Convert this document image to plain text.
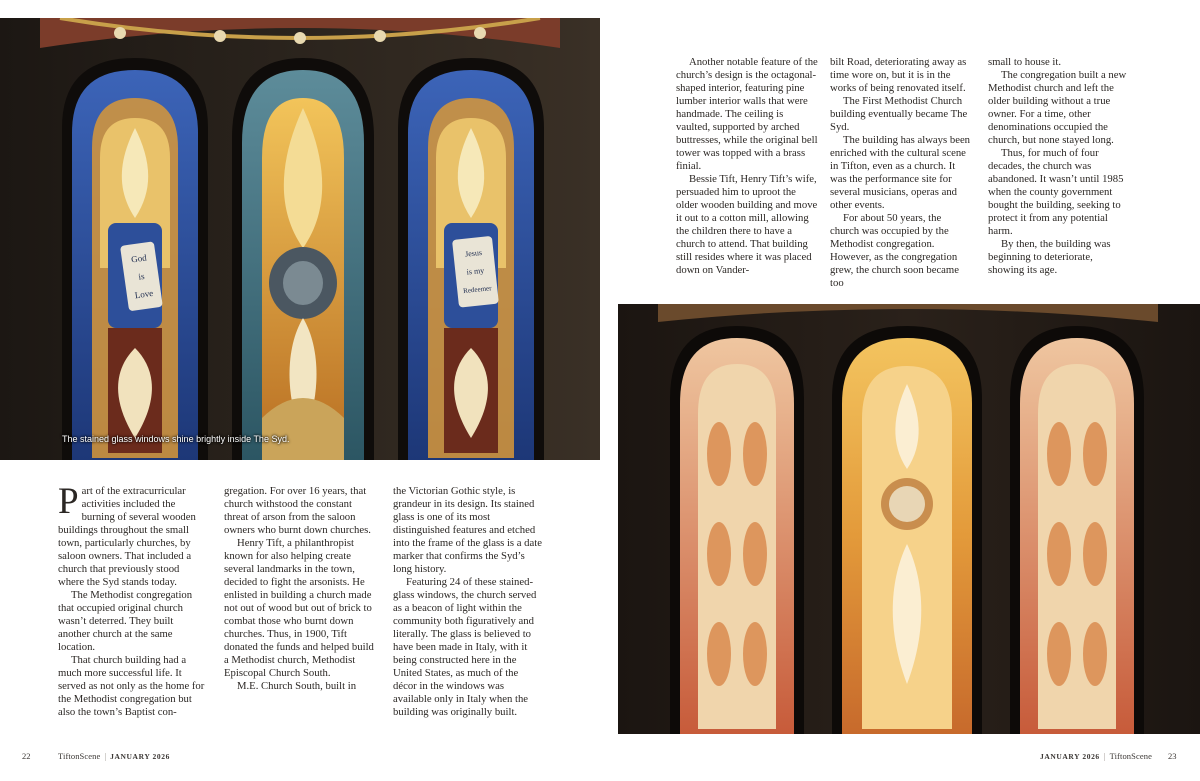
God
is
Love
Jesus
is my
Redeemer
The stained glass windows shine brightly inside The Syd.

Another notable feature of the church’s design is the octagonal-shaped interior, featuring pine lumber interior walls that were handmade. The ceiling is vaulted, supported by arched buttresses, while the original bell tower was topped with a brass finial.

Bessie Tift, Henry Tift’s wife, persuaded him to uproot the older wooden building and move it out to a cotton mill, allowing the children there to have a church to attend. That building still resides where it was placed down on Vander-

bilt Road, deteriorating away as time wore on, but it is in the works of being renovated itself.

The First Methodist Church building eventually became The Syd.

The building has always been enriched with the cultural scene in Tifton, even as a church. It was the performance site for several musicians, operas and other events.

For about 50 years, the church was occupied by the Methodist congregation. However, as the congregation grew, the church soon became too

small to house it.

The congregation built a new Methodist church and left the older building without a true owner. For a time, other denominations occupied the church, but none stayed long.

Thus, for much of four decades, the church was abandoned. It wasn’t until 1985 when the county government bought the building, seeking to protect it from any potential harm.

By then, the building was beginning to deteriorate, showing its age.

Part of the extracurricular activities included the burning of several wooden buildings throughout the small town, particularly churches, by saloon owners. That included a church that previously stood where the Syd stands today.

The Methodist congregation that occupied original church wasn’t deterred. They built another church at the same location.

That church building had a much more successful life. It served as not only as the home for the Methodist congregation but also the town’s Baptist con-

gregation. For over 16 years, that church withstood the constant threat of arson from the saloon owners who burnt down churches.

Henry Tift, a philanthropist known for also helping create several landmarks in the town, decided to fight the arsonists. He enlisted in building a church made not out of wood but out of brick to combat those who burnt down churches. Thus, in 1900, Tift donated the funds and helped build a Methodist church, Methodist Episcopal Church South.

M.E. Church South, built in

the Victorian Gothic style, is grandeur in its design. Its stained glass is one of its most distinguished features and etched into the frame of the glass is a date marker that confirms the Syd’s long history.

Featuring 24 of these stained-glass windows, the church served as a beacon of light within the community both figuratively and literally. The glass is believed to have been made in Italy, with it being constructed here in the United States, as much of the décor in the windows was available only in Italy when the building was originally built.

22	TiftonScene | JANUARY 2026	JANUARY 2026 | TiftonScene 23
